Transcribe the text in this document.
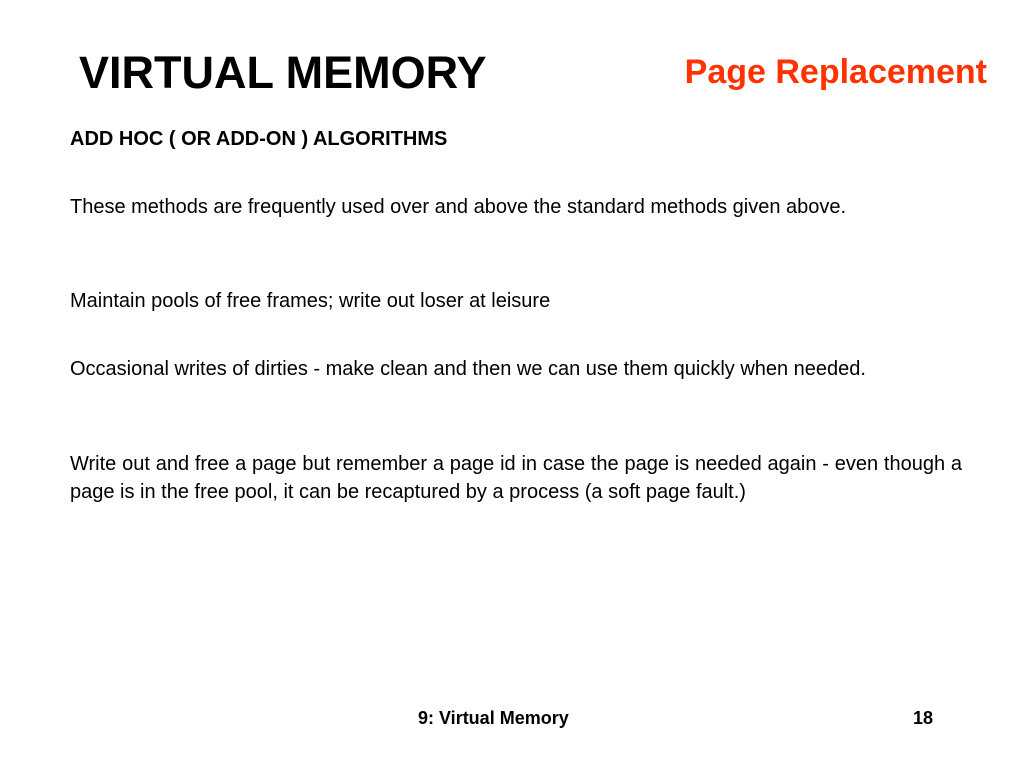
VIRTUAL MEMORY	Page Replacement
ADD HOC ( OR ADD-ON ) ALGORITHMS
These methods are frequently used over and above the standard methods given above.
Maintain pools of free frames; write out loser at leisure
Occasional writes of dirties - make clean and then we can use them quickly when needed.
Write out and free a page but remember a page id in case the page is needed again - even though a page is in the free pool, it can be recaptured by a process (a soft page fault.)
9: Virtual Memory	18
